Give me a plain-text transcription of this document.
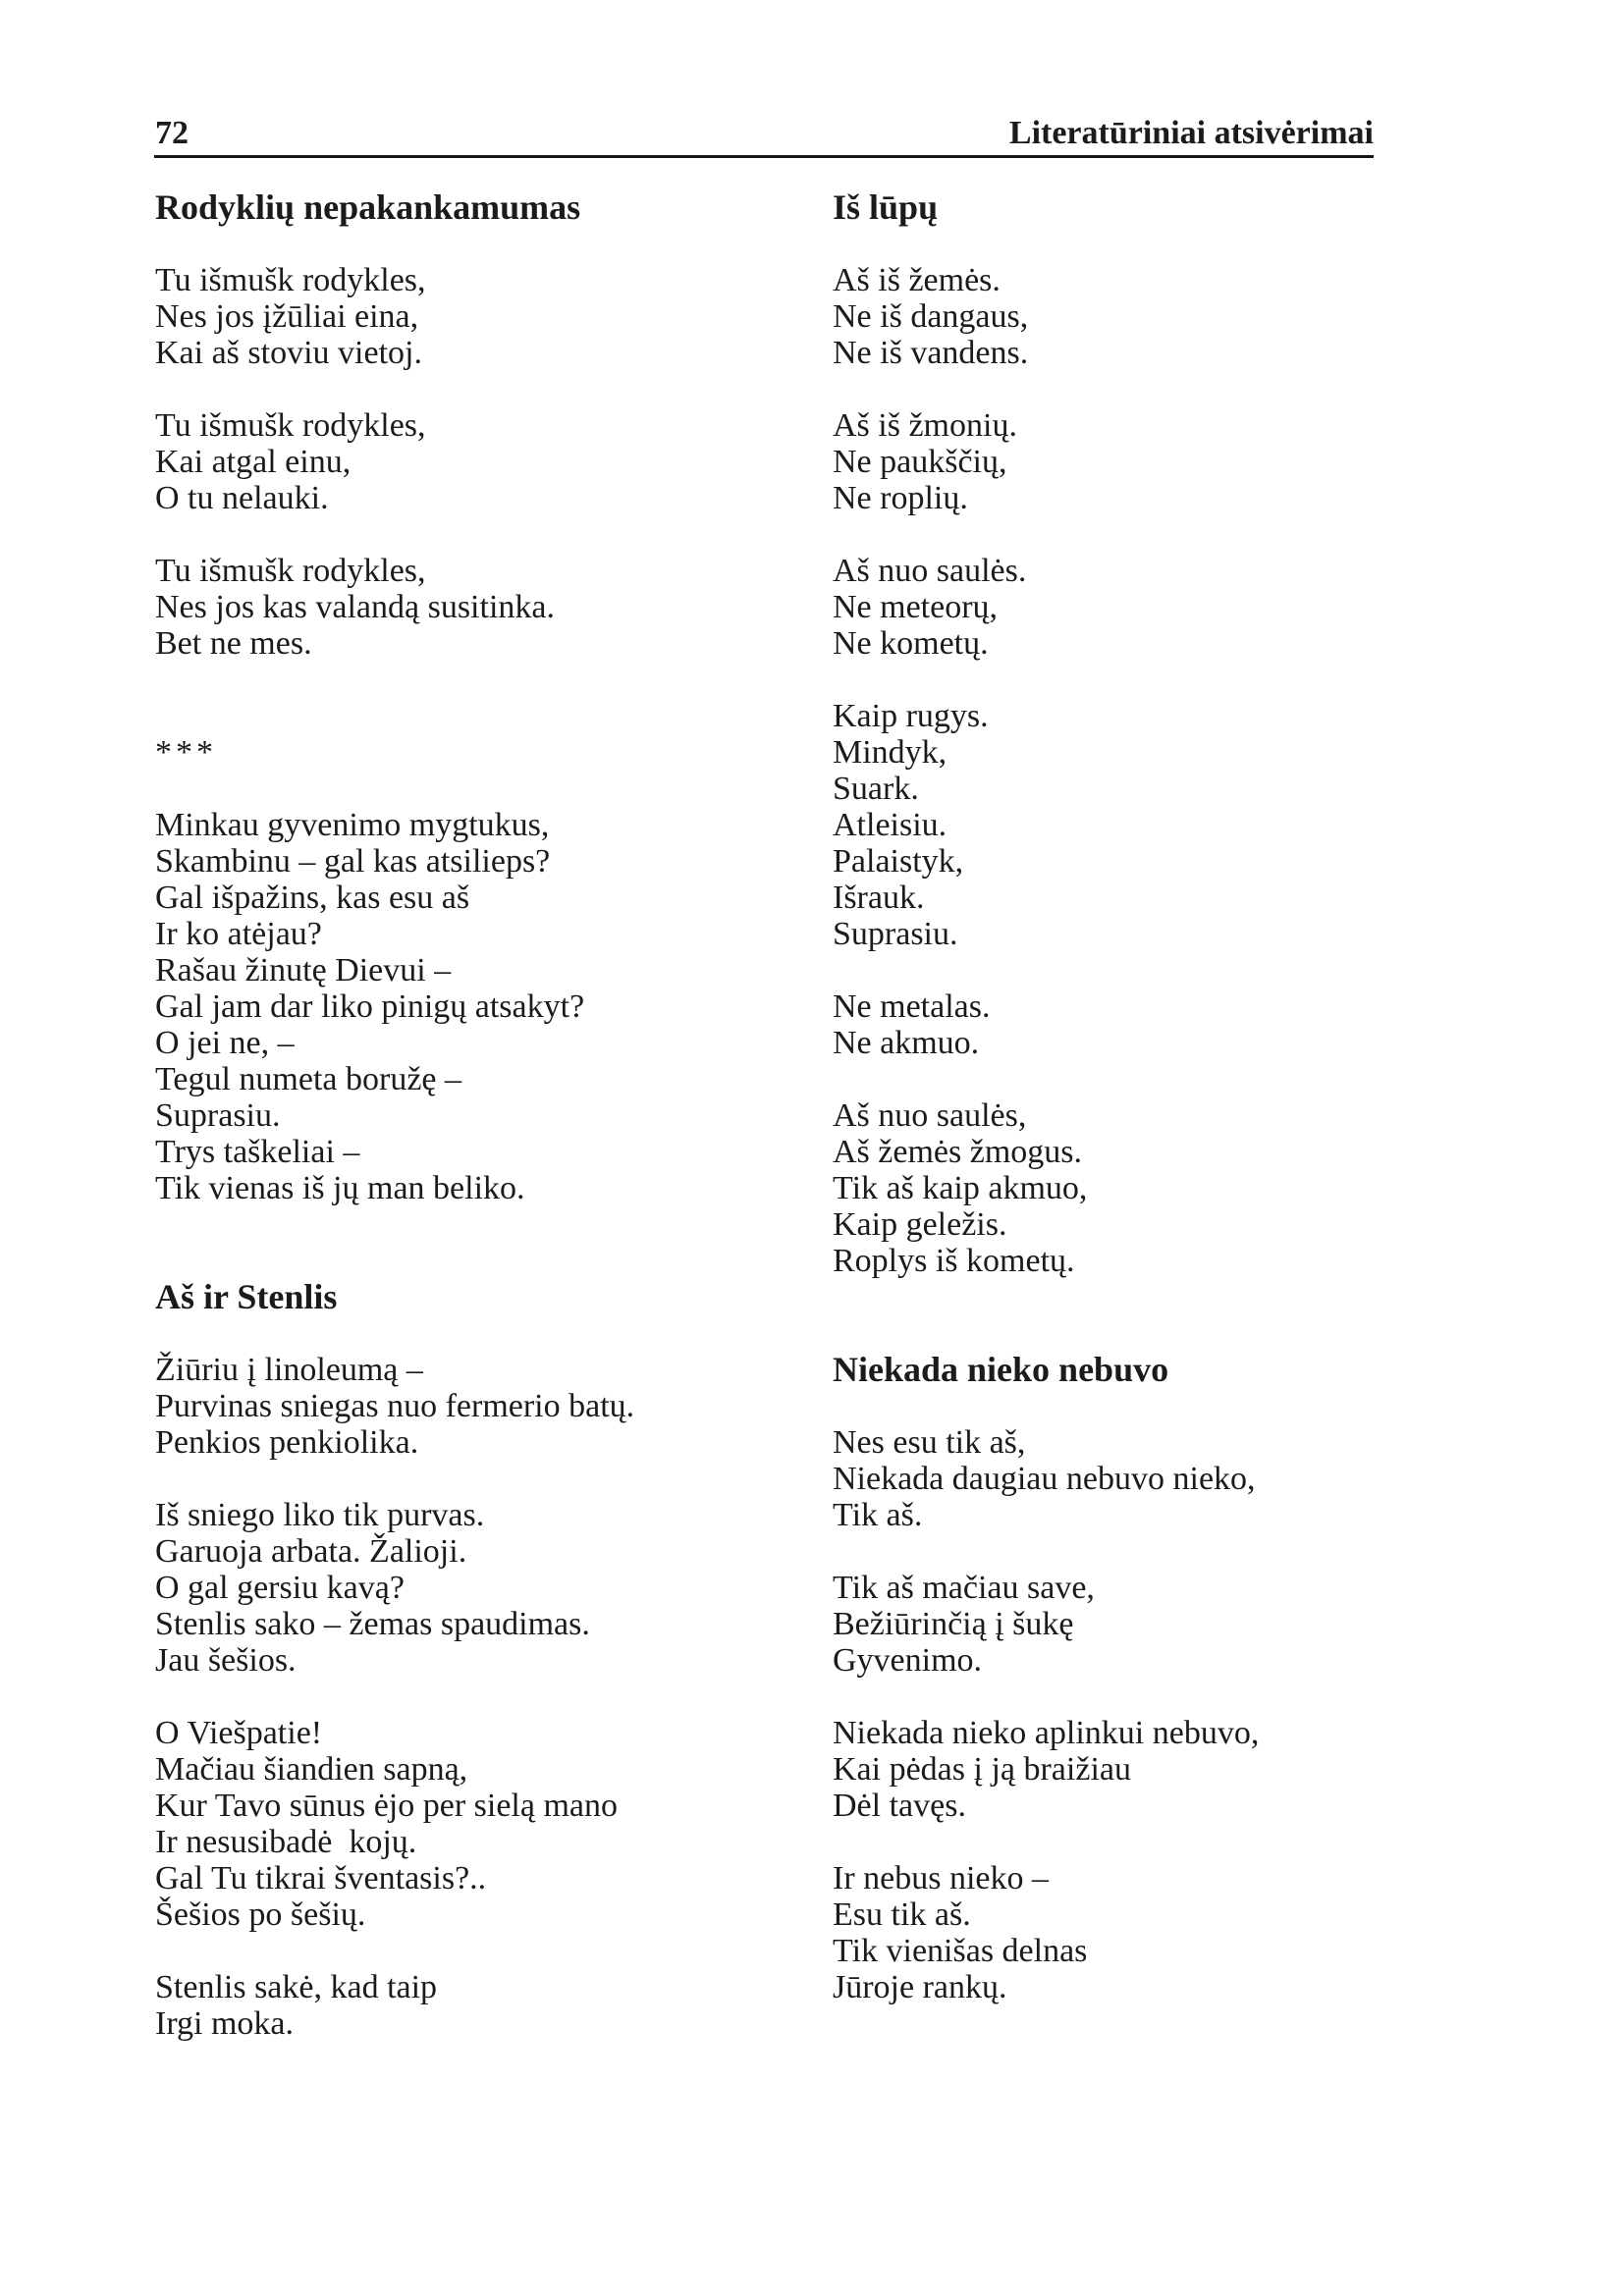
72	Literatūriniai atsivėrimai
Rodyklių nepakankamumas
Tu išmušk rodykles,
Nes jos įžūliai eina,
Kai aš stoviu vietoj.
Tu išmušk rodykles,
Kai atgal einu,
O tu nelauki.
Tu išmušk rodykles,
Nes jos kas valandą susitinka.
Bet ne mes.
***
Minkau gyvenimo mygtukus,
Skambinu – gal kas atsilieps?
Gal išpažins, kas esu aš
Ir ko atėjau?
Rašau žinutę Dievui –
Gal jam dar liko pinigų atsakyt?
O jei ne, –
Tegul numeta boružę –
Suprasiu.
Trys taškeliai –
Tik vienas iš jų man beliko.
Aš ir Stenlis
Žiūriu į linoleumą –
Purvinas sniegas nuo fermerio batų.
Penkios penkiolika.
Iš sniego liko tik purvas.
Garuoja arbata. Žalioji.
O gal gersiu kavą?
Stenlis sako – žemas spaudimas.
Jau šešios.
O Viešpatie!
Mačiau šiandien sapną,
Kur Tavo sūnus ėjo per sielą mano
Ir nesusibadė  kojų.
Gal Tu tikrai šventasis?..
Šešios po šešių.
Stenlis sakė, kad taip
Irgi moka.
Iš lūpų
Aš iš žemės.
Ne iš dangaus,
Ne iš vandens.
Aš iš žmonių.
Ne paukščių,
Ne roplių.
Aš nuo saulės.
Ne meteorų,
Ne kometų.
Kaip rugys.
Mindyk,
Suark.
Atleisiu.
Palaistyk,
Išrauk.
Suprasiu.
Ne metalas.
Ne akmuo.
Aš nuo saulės,
Aš žemės žmogus.
Tik aš kaip akmuo,
Kaip geležis.
Roplys iš kometų.
Niekada nieko nebuvo
Nes esu tik aš,
Niekada daugiau nebuvo nieko,
Tik aš.
Tik aš mačiau save,
Bežiūrinčią į šukę
Gyvenimo.
Niekada nieko aplinkui nebuvo,
Kai pėdas į ją braižiau
Dėl tavęs.
Ir nebus nieko –
Esu tik aš.
Tik vienišas delnas
Jūroje rankų.
